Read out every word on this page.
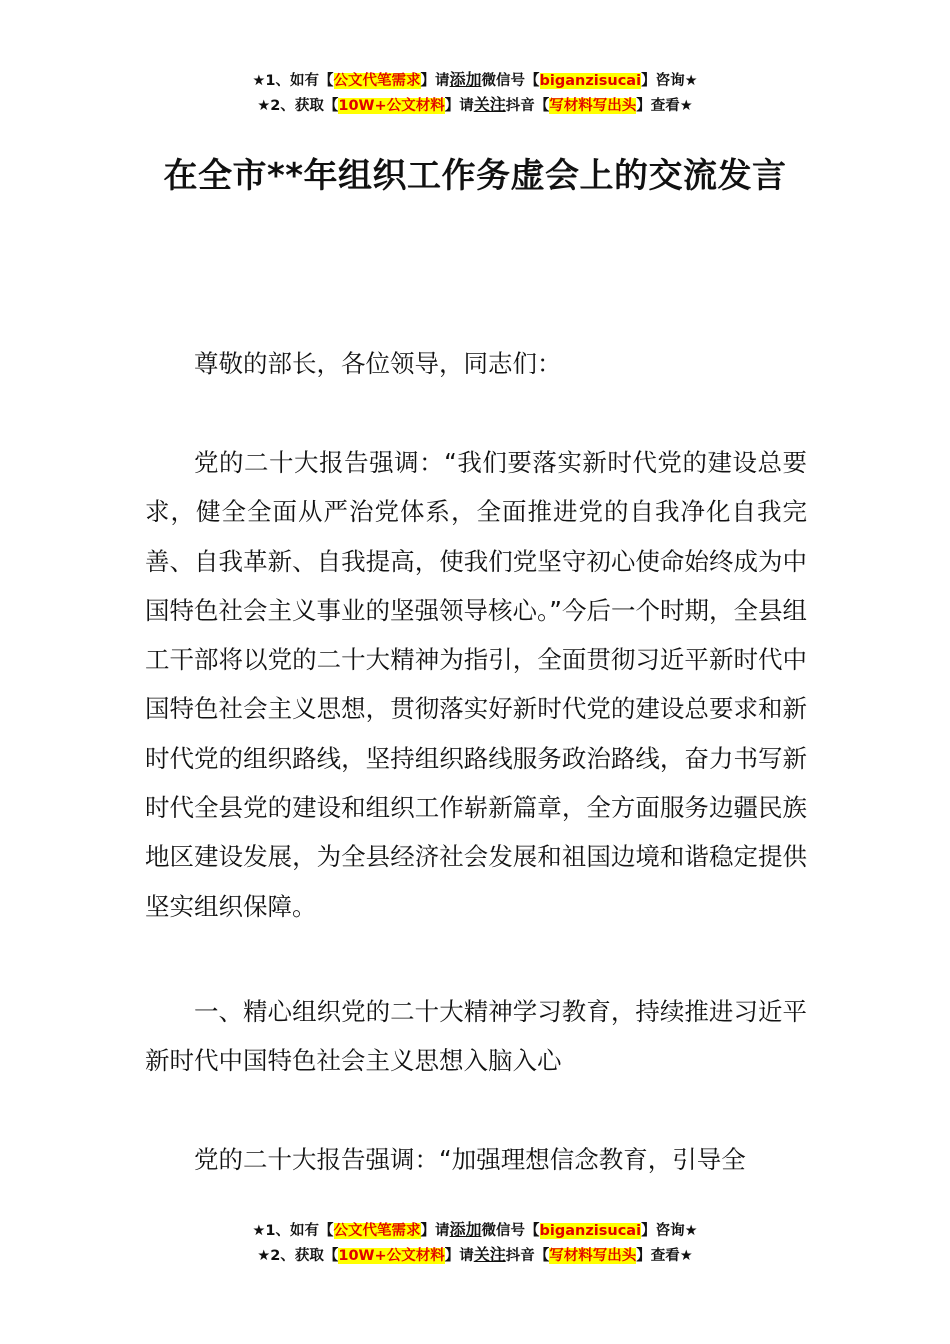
★1、如有【公文代笔需求】请添加微信号【biganzisucai】咨询★
★2、获取【10W+公文材料】请关注抖音【写材料写出头】查看★
在全市**年组织工作务虚会上的交流发言

尊敬的部长，各位领导，同志们：

党的二十大报告强调：“我们要落实新时代党的建设总要求，健全全面从严治党体系，全面推进党的自我净化自我完善、自我革新、自我提高，使我们党坚守初心使命始终成为中国特色社会主义事业的坚强领导核心。”今后一个时期，全县组工干部将以党的二十大精神为指引，全面贯彻习近平新时代中国特色社会主义思想，贯彻落实好新时代党的建设总要求和新时代党的组织路线，坚持组织路线服务政治路线，奋力书写新时代全县党的建设和组织工作崭新篇章，全方面服务边疆民族地区建设发展，为全县经济社会发展和祖国边境和谐稳定提供坚实组织保障。

一、精心组织党的二十大精神学习教育，持续推进习近平新时代中国特色社会主义思想入脑入心

党的二十大报告强调：“加强理想信念教育，引导全

★1、如有【公文代笔需求】请添加微信号【biganzisucai】咨询★
★2、获取【10W+公文材料】请关注抖音【写材料写出头】查看★
